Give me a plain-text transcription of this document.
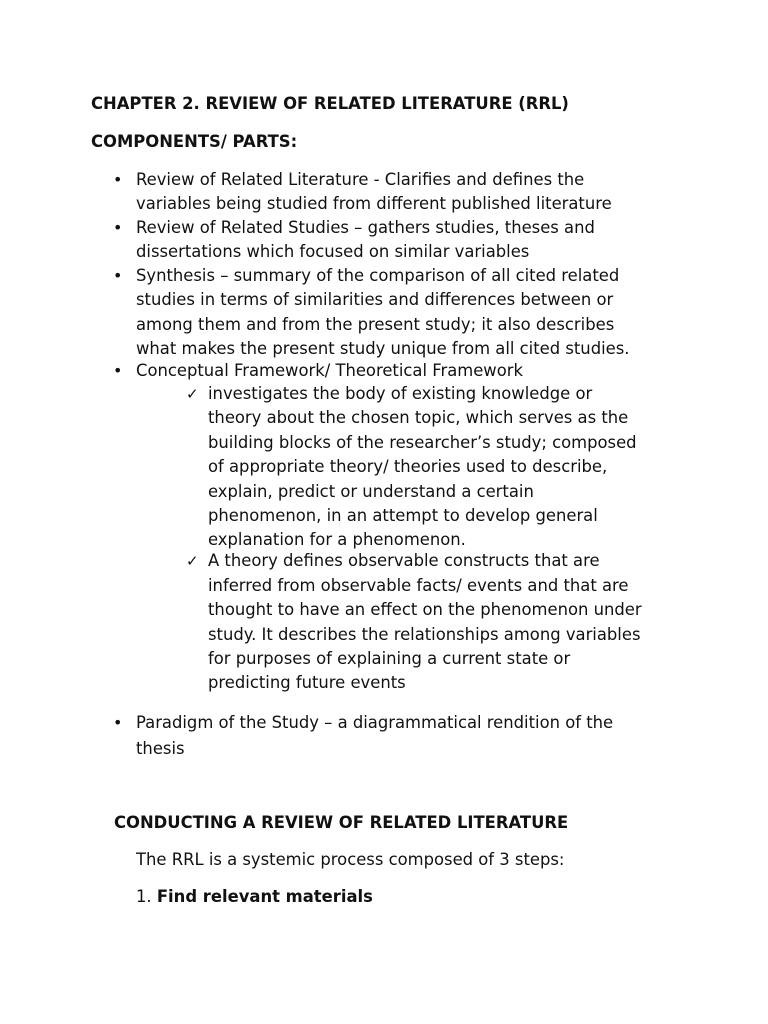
CHAPTER 2. REVIEW OF RELATED LITERATURE (RRL)
COMPONENTS/ PARTS:
• Review of Related Literature - Clarifies and defines the
variables being studied from different published literature
• Review of Related Studies – gathers studies, theses and
dissertations which focused on similar variables
• Synthesis – summary of the comparison of all cited related
studies in terms of similarities and differences between or
among them and from the present study; it also describes
what makes the present study unique from all cited studies.
• Conceptual Framework/ Theoretical Framework
✓ investigates the body of existing knowledge or
theory about the chosen topic, which serves as the
building blocks of the researcher’s study; composed
of appropriate theory/ theories used to describe,
explain, predict or understand a certain
phenomenon, in an attempt to develop general
explanation for a phenomenon.
✓ A theory defines observable constructs that are
inferred from observable facts/ events and that are
thought to have an effect on the phenomenon under
study. It describes the relationships among variables
for purposes of explaining a current state or
predicting future events
• Paradigm of the Study – a diagrammatical rendition of the
thesis
CONDUCTING A REVIEW OF RELATED LITERATURE
The RRL is a systemic process composed of 3 steps:
1. Find relevant materials
